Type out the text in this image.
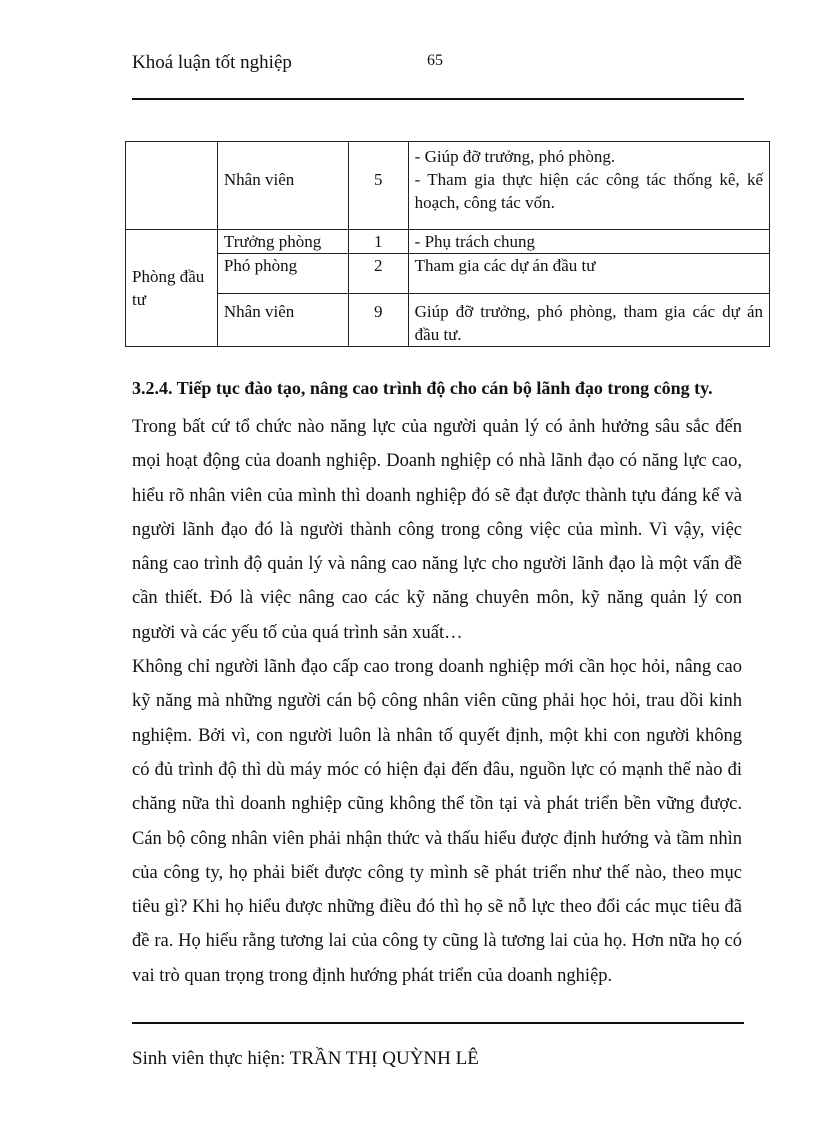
Khoá luận tốt nghiệp	65

	Nhân viên	5	- Giúp đỡ trưởng, phó phòng.
- Tham gia thực hiện các công tác thống kê, kế hoạch, công tác vốn.

Phòng đầu tư	Trưởng phòng	1	- Phụ trách chung

	Phó phòng	2	Tham gia các dự án đầu tư

	Nhân viên	9	Giúp đỡ trưởng, phó phòng, tham gia các dự án đầu tư.
3.2.4. Tiếp tục đào tạo, nâng cao trình độ cho cán bộ lãnh đạo trong công ty.

Trong bất cứ tổ chức nào năng lực của người quản lý có ảnh hưởng sâu sắc đến mọi hoạt động của doanh nghiệp. Doanh nghiệp có nhà lãnh đạo có năng lực cao, hiểu rõ nhân viên của mình thì doanh nghiệp đó sẽ đạt được thành tựu đáng kể và người lãnh đạo đó là người thành công trong công việc của mình. Vì vậy, việc nâng cao trình độ quản lý và nâng cao năng lực cho người lãnh đạo là một vấn đề cần thiết. Đó là việc nâng cao các kỹ năng chuyên môn, kỹ năng quản lý con người và các yếu tố của quá trình sản xuất…

Không chỉ người lãnh đạo cấp cao trong doanh nghiệp mới cần học hỏi, nâng cao kỹ năng mà những người cán bộ công nhân viên cũng phải học hỏi, trau dồi kinh nghiệm. Bởi vì, con người luôn là nhân tố quyết định, một khi con người không có đủ trình độ thì dù máy móc có hiện đại đến đâu, nguồn lực có mạnh thế nào đi chăng nữa thì doanh nghiệp cũng không thể tồn tại và phát triển bền vững được. Cán bộ công nhân viên phải nhận thức và thấu hiểu được định hướng và tầm nhìn của công ty, họ phải biết được công ty mình sẽ phát triển như thế nào, theo mục tiêu gì? Khi họ hiểu được những điều đó thì họ sẽ nỗ lực theo đổi các mục tiêu đã đề ra. Họ hiểu rằng tương lai của công ty cũng là tương lai của họ. Hơn nữa họ có vai trò quan trọng trong định hướng phát triển của doanh nghiệp.

Sinh viên thực hiện: TRẦN THỊ QUỲNH LÊ
